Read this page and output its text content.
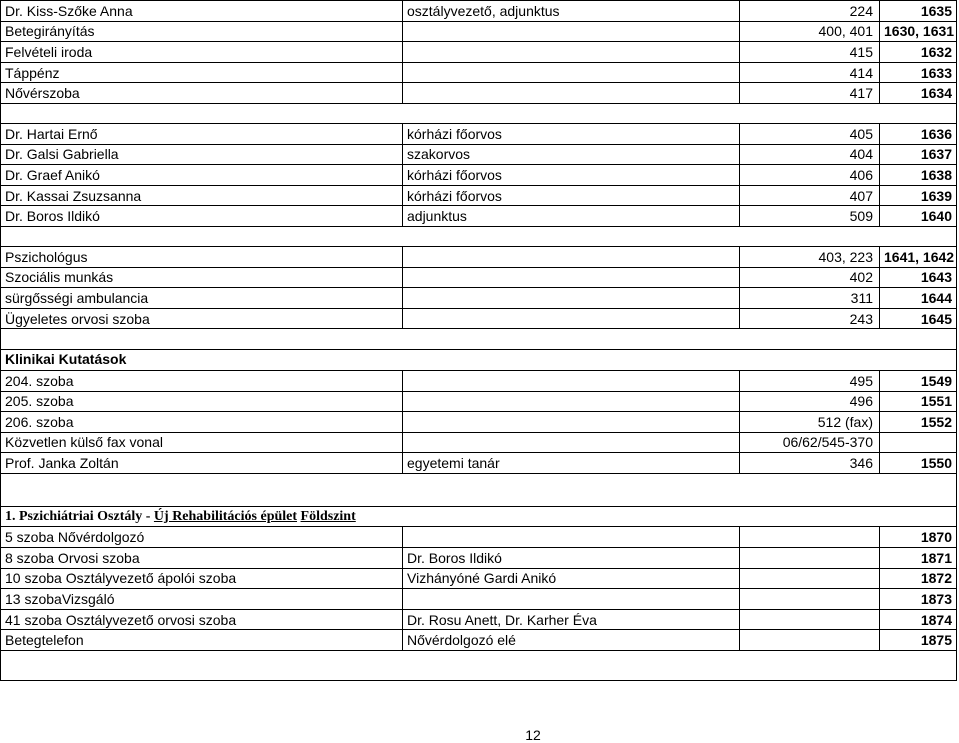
Dr. Kiss-Szőke Anna	osztályvezető, adjunktus	224	1635
Betegirányítás		400, 401	1630, 1631
Felvételi iroda		415	1632
Táppénz		414	1633
Nővérszoba		417	1634

Dr. Hartai Ernő	kórházi főorvos	405	1636
Dr. Galsi Gabriella	szakorvos	404	1637
Dr. Graef Anikó	kórházi főorvos	406	1638
Dr. Kassai Zsuzsanna	kórházi főorvos	407	1639
Dr. Boros Ildikó	adjunktus	509	1640

Pszichológus		403, 223	1641, 1642
Szociális munkás		402	1643
sürgősségi ambulancia		311	1644
Ügyeletes orvosi szoba		243	1645

Klinikai Kutatások			
204. szoba		495	1549
205. szoba		496	1551
206. szoba		512 (fax)	1552
Közvetlen külső fax vonal		06/62/545-370	
Prof. Janka Zoltán	egyetemi tanár	346	1550

1. Pszichiátriai Osztály - Új Rehabilitációs épület Földszint			
5 szoba Nővérdolgozó			1870
8 szoba Orvosi szoba	Dr. Boros Ildikó		1871
10 szoba Osztályvezető ápolói szoba	Vizhányóné Gardi Anikó		1872
13 szobaVizsgáló			1873
41 szoba Osztályvezető orvosi szoba	Dr. Rosu Anett, Dr. Karher Éva		1874
Betegtelefon	Nővérdolgozó elé		1875

12
